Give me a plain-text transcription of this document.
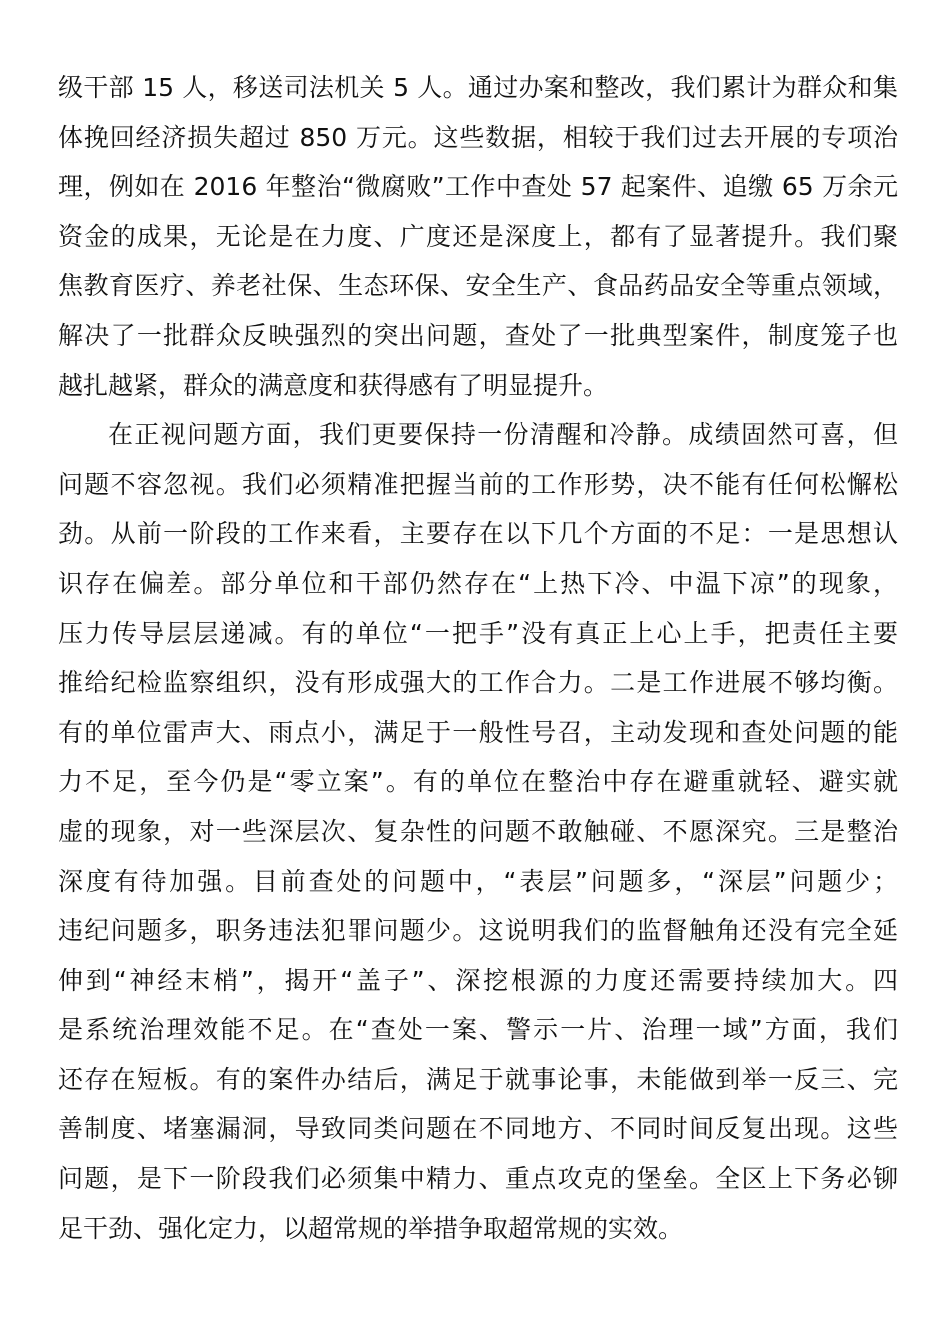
级干部 15 人，移送司法机关 5 人。通过办案和整改，我们累计为群众和集
体挽回经济损失超过 850 万元。这些数据，相较于我们过去开展的专项治
理，例如在 2016 年整治“微腐败”工作中查处 57 起案件、追缴 65 万余元
资金的成果，无论是在力度、广度还是深度上，都有了显著提升。我们聚
焦教育医疗、养老社保、生态环保、安全生产、食品药品安全等重点领域，
解决了一批群众反映强烈的突出问题，查处了一批典型案件，制度笼子也
越扎越紧，群众的满意度和获得感有了明显提升。
在正视问题方面，我们更要保持一份清醒和冷静。成绩固然可喜，但
问题不容忽视。我们必须精准把握当前的工作形势，决不能有任何松懈松
劲。从前一阶段的工作来看，主要存在以下几个方面的不足：一是思想认
识存在偏差。部分单位和干部仍然存在“上热下冷、中温下凉”的现象，
压力传导层层递减。有的单位“一把手”没有真正上心上手，把责任主要
推给纪检监察组织，没有形成强大的工作合力。二是工作进展不够均衡。
有的单位雷声大、雨点小，满足于一般性号召，主动发现和查处问题的能
力不足，至今仍是“零立案”。有的单位在整治中存在避重就轻、避实就
虚的现象，对一些深层次、复杂性的问题不敢触碰、不愿深究。三是整治
深度有待加强。目前查处的问题中，“表层”问题多，“深层”问题少；
违纪问题多，职务违法犯罪问题少。这说明我们的监督触角还没有完全延
伸到“神经末梢”，揭开“盖子”、深挖根源的力度还需要持续加大。四
是系统治理效能不足。在“查处一案、警示一片、治理一域”方面，我们
还存在短板。有的案件办结后，满足于就事论事，未能做到举一反三、完
善制度、堵塞漏洞，导致同类问题在不同地方、不同时间反复出现。这些
问题，是下一阶段我们必须集中精力、重点攻克的堡垒。全区上下务必铆
足干劲、强化定力，以超常规的举措争取超常规的实效。
